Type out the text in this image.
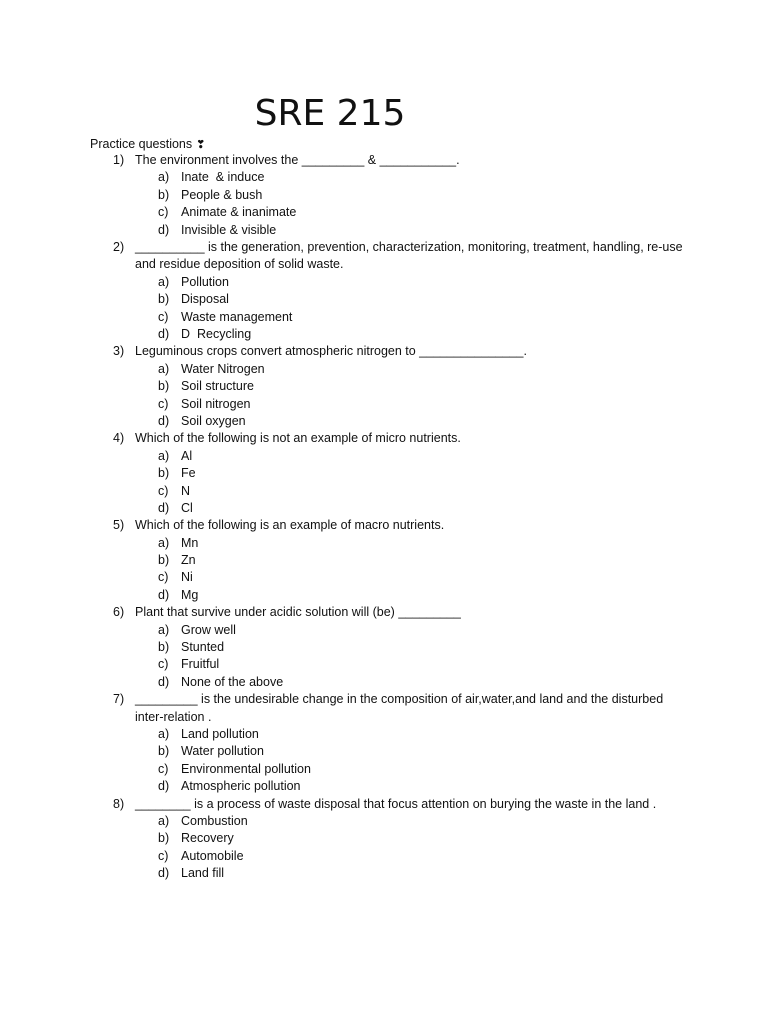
SRE 215
Practice questions ❣
1) The environment involves the _________ & ___________.
a) Inate  & induce
b) People & bush
c) Animate & inanimate
d) Invisible & visible
2) __________ is the generation, prevention, characterization, monitoring, treatment, handling, re-use and residue deposition of solid waste.
a) Pollution
b) Disposal
c) Waste management
d) D  Recycling
3) Leguminous crops convert atmospheric nitrogen to _______________.
a) Water Nitrogen
b) Soil structure
c) Soil nitrogen
d) Soil oxygen
4) Which of the following is not an example of micro nutrients.
a) Al
b) Fe
c) N
d) Cl
5) Which of the following is an example of macro nutrients.
a) Mn
b) Zn
c) Ni
d) Mg
6) Plant that survive under acidic solution will (be) _________
a) Grow well
b) Stunted
c) Fruitful
d) None of the above
7) _________ is the undesirable change in the composition of air,water,and land and the disturbed inter-relation .
a) Land pollution
b) Water pollution
c) Environmental pollution
d) Atmospheric pollution
8) ________ is a process of waste disposal that focus attention on burying the waste in the land .
a) Combustion
b) Recovery
c) Automobile
d) Land fill
